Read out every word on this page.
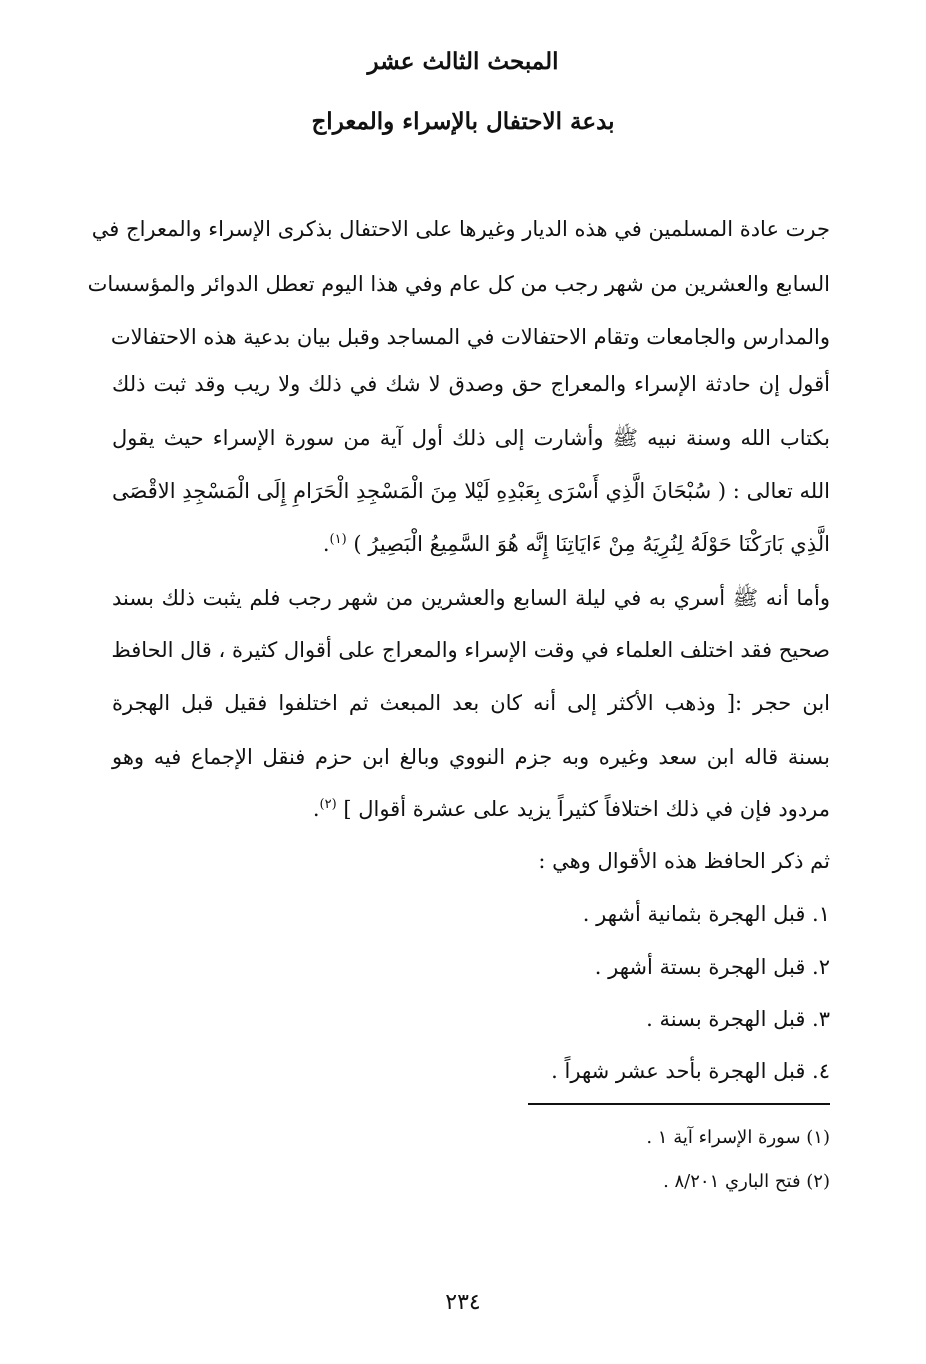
المبحث الثالث عشر
بدعة الاحتفال بالإسراء والمعراج
جرت عادة المسلمين في هذه الديار وغيرها على الاحتفال بذكرى الإسراء والمعراج في
السابع والعشرين من شهر رجب من كل عام وفي هذا اليوم تعطل الدوائر والمؤسسات
والمدارس والجامعات وتقام الاحتفالات في المساجد وقبل بيان بدعية هذه الاحتفالات
أقول إن حادثة الإسراء والمعراج حق وصدق لا شك في ذلك ولا ريب وقد ثبت ذلك
بكتاب الله وسنة نبيه ﷺ وأشارت إلى ذلك أول آية من سورة الإسراء حيث يقول
الله تعالى : ( سُبْحَانَ الَّذِي أَسْرَى بِعَبْدِهِ لَيْلا مِنَ الْمَسْجِدِ الْحَرَامِ إِلَى الْمَسْجِدِ الاقْصَى
الَّذِي بَارَكْنَا حَوْلَهُ لِنُرِيَهُ مِنْ ءَايَاتِنَا إِنَّه هُوَ السَّمِيعُ الْبَصِيرُ ) $^{(١)}$.
وأما أنه ﷺ أسري به في ليلة السابع والعشرين من شهر رجب فلم يثبت ذلك بسند
صحيح فقد اختلف العلماء في وقت الإسراء والمعراج على أقوال كثيرة ، قال الحافظ
ابن حجر :[ وذهب الأكثر إلى أنه كان بعد المبعث ثم اختلفوا فقيل قبل الهجرة
بسنة قاله ابن سعد وغيره وبه جزم النووي وبالغ ابن حزم فنقل الإجماع فيه وهو
مردود فإن في ذلك اختلافاً كثيراً يزيد على عشرة أقوال ] $^{(٢)}$.
ثم ذكر الحافظ هذه الأقوال وهي :
١. قبل الهجرة بثمانية أشهر .
٢. قبل الهجرة بستة أشهر .
٣. قبل الهجرة بسنة .
٤. قبل الهجرة بأحد عشر شهراً .
(١) سورة الإسراء آية ١ .
(٢) فتح الباري ٨/٢٠١ .
٢٣٤
